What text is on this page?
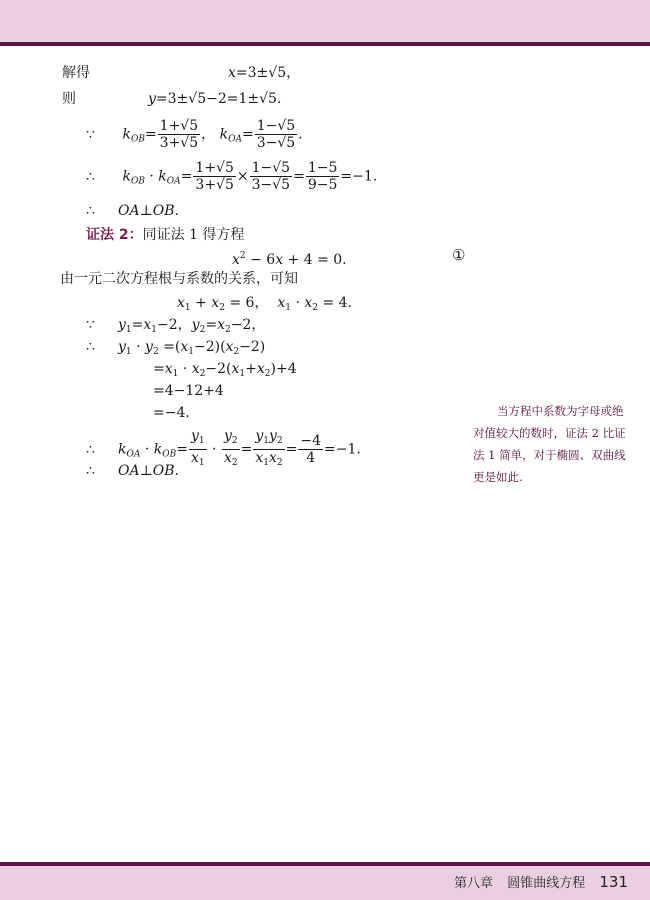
解得	x=3±√5，
则	y=3±√5−2=1±√5.
∵ $k_{OB}= \frac{1+√5}{3+√5}$ ， $k_{OA}= \frac{1-√5}{3-√5}$ .
∴ $k_{OB} \cdot k_{OA}= \frac{1+√5}{3+√5} \times \frac{1-√5}{3-√5} = \frac{1-5}{9-5} =-1$.
∴ OA⊥OB.
证法 2：同证法 1 得方程
$x^2 - 6x + 4 = 0$.	①
由一元二次方程根与系数的关系，可知
$x_1 + x_2 = 6$，  $x_1 \cdot x_2 = 4$.
∵ $y_1=x_1-2$，$y_2=x_2-2$，
∴ $y_1 \cdot y_2 =(x_1-2)(x_2-2)$
$=x_1 \cdot x_2-2(x_1+x_2)+4$
=4−12+4
=−4.
∴ $k_{OA} \cdot k_{OB}= \frac{y_1}{x_1} \cdot \frac{y_2}{x_2} = \frac{y_1y_2}{x_1x_2} = \frac{-4}{4} =-1$.
∴ OA⊥OB.
当方程中系数为字母或绝
对值较大的数时，证法 2 比证
法 1 简单，对于椭圆、双曲线
更是如此.
第八章 圆锥曲线方程 131
